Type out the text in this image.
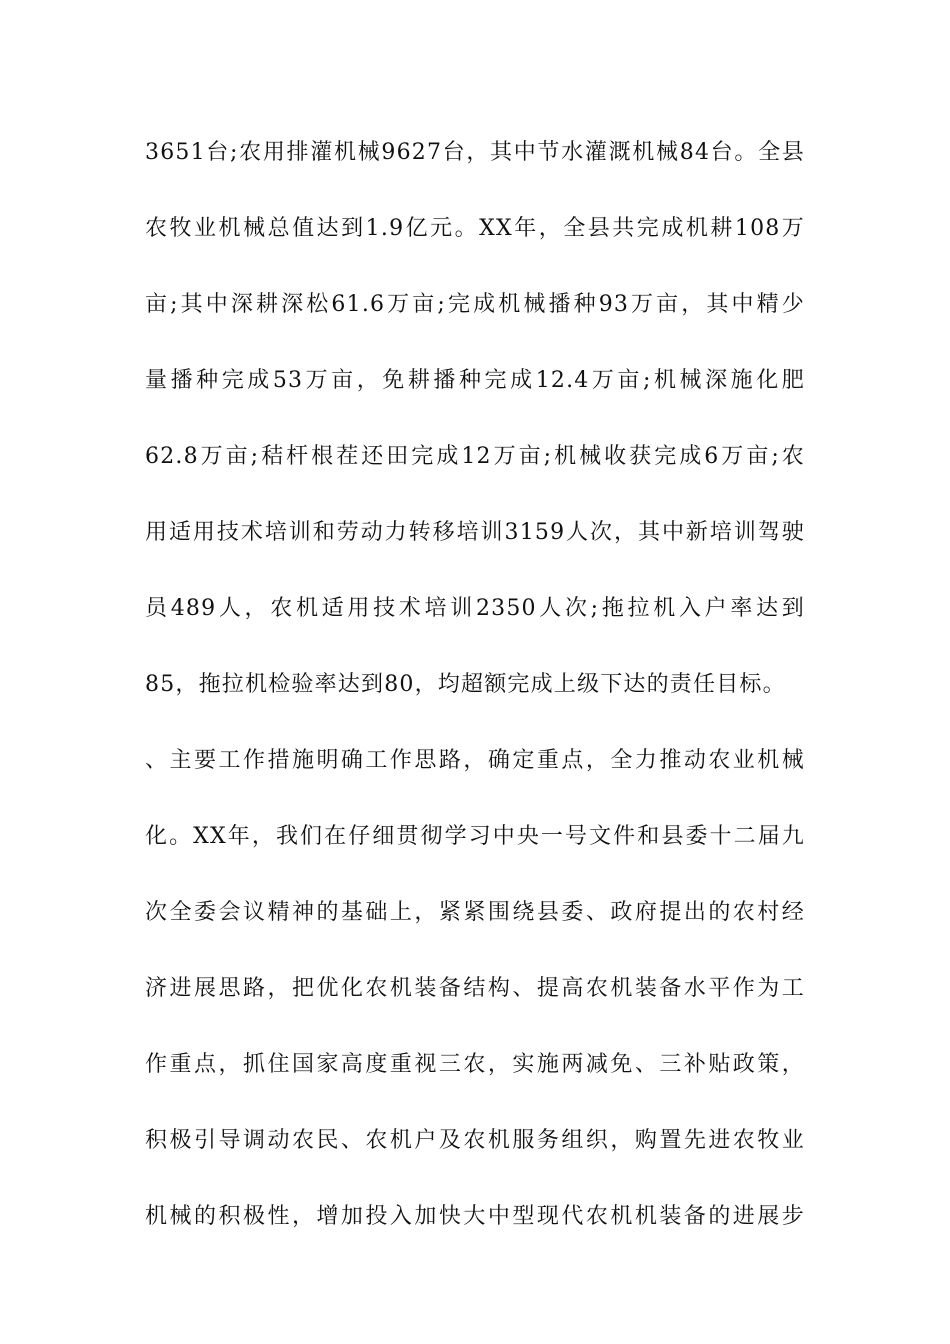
3651台;农用排灌机械9627台，其中节水灌溉机械84台。全县
农牧业机械总值达到1.9亿元。XX年，全县共完成机耕108万
亩;其中深耕深松61.6万亩;完成机械播种93万亩，其中精少
量播种完成53万亩，免耕播种完成12.4万亩;机械深施化肥
62.8万亩;秸杆根茬还田完成12万亩;机械收获完成6万亩;农
用适用技术培训和劳动力转移培训3159人次，其中新培训驾驶
员489人，农机适用技术培训2350人次;拖拉机入户率达到
85，拖拉机检验率达到80，均超额完成上级下达的责任目标。
、主要工作措施明确工作思路，确定重点，全力推动农业机械
化。XX年，我们在仔细贯彻学习中央一号文件和县委十二届九
次全委会议精神的基础上，紧紧围绕县委、政府提出的农村经
济进展思路，把优化农机装备结构、提高农机装备水平作为工
作重点，抓住国家高度重视三农，实施两减免、三补贴政策，
积极引导调动农民、农机户及农机服务组织，购置先进农牧业
机械的积极性，增加投入加快大中型现代农机机装备的进展步
